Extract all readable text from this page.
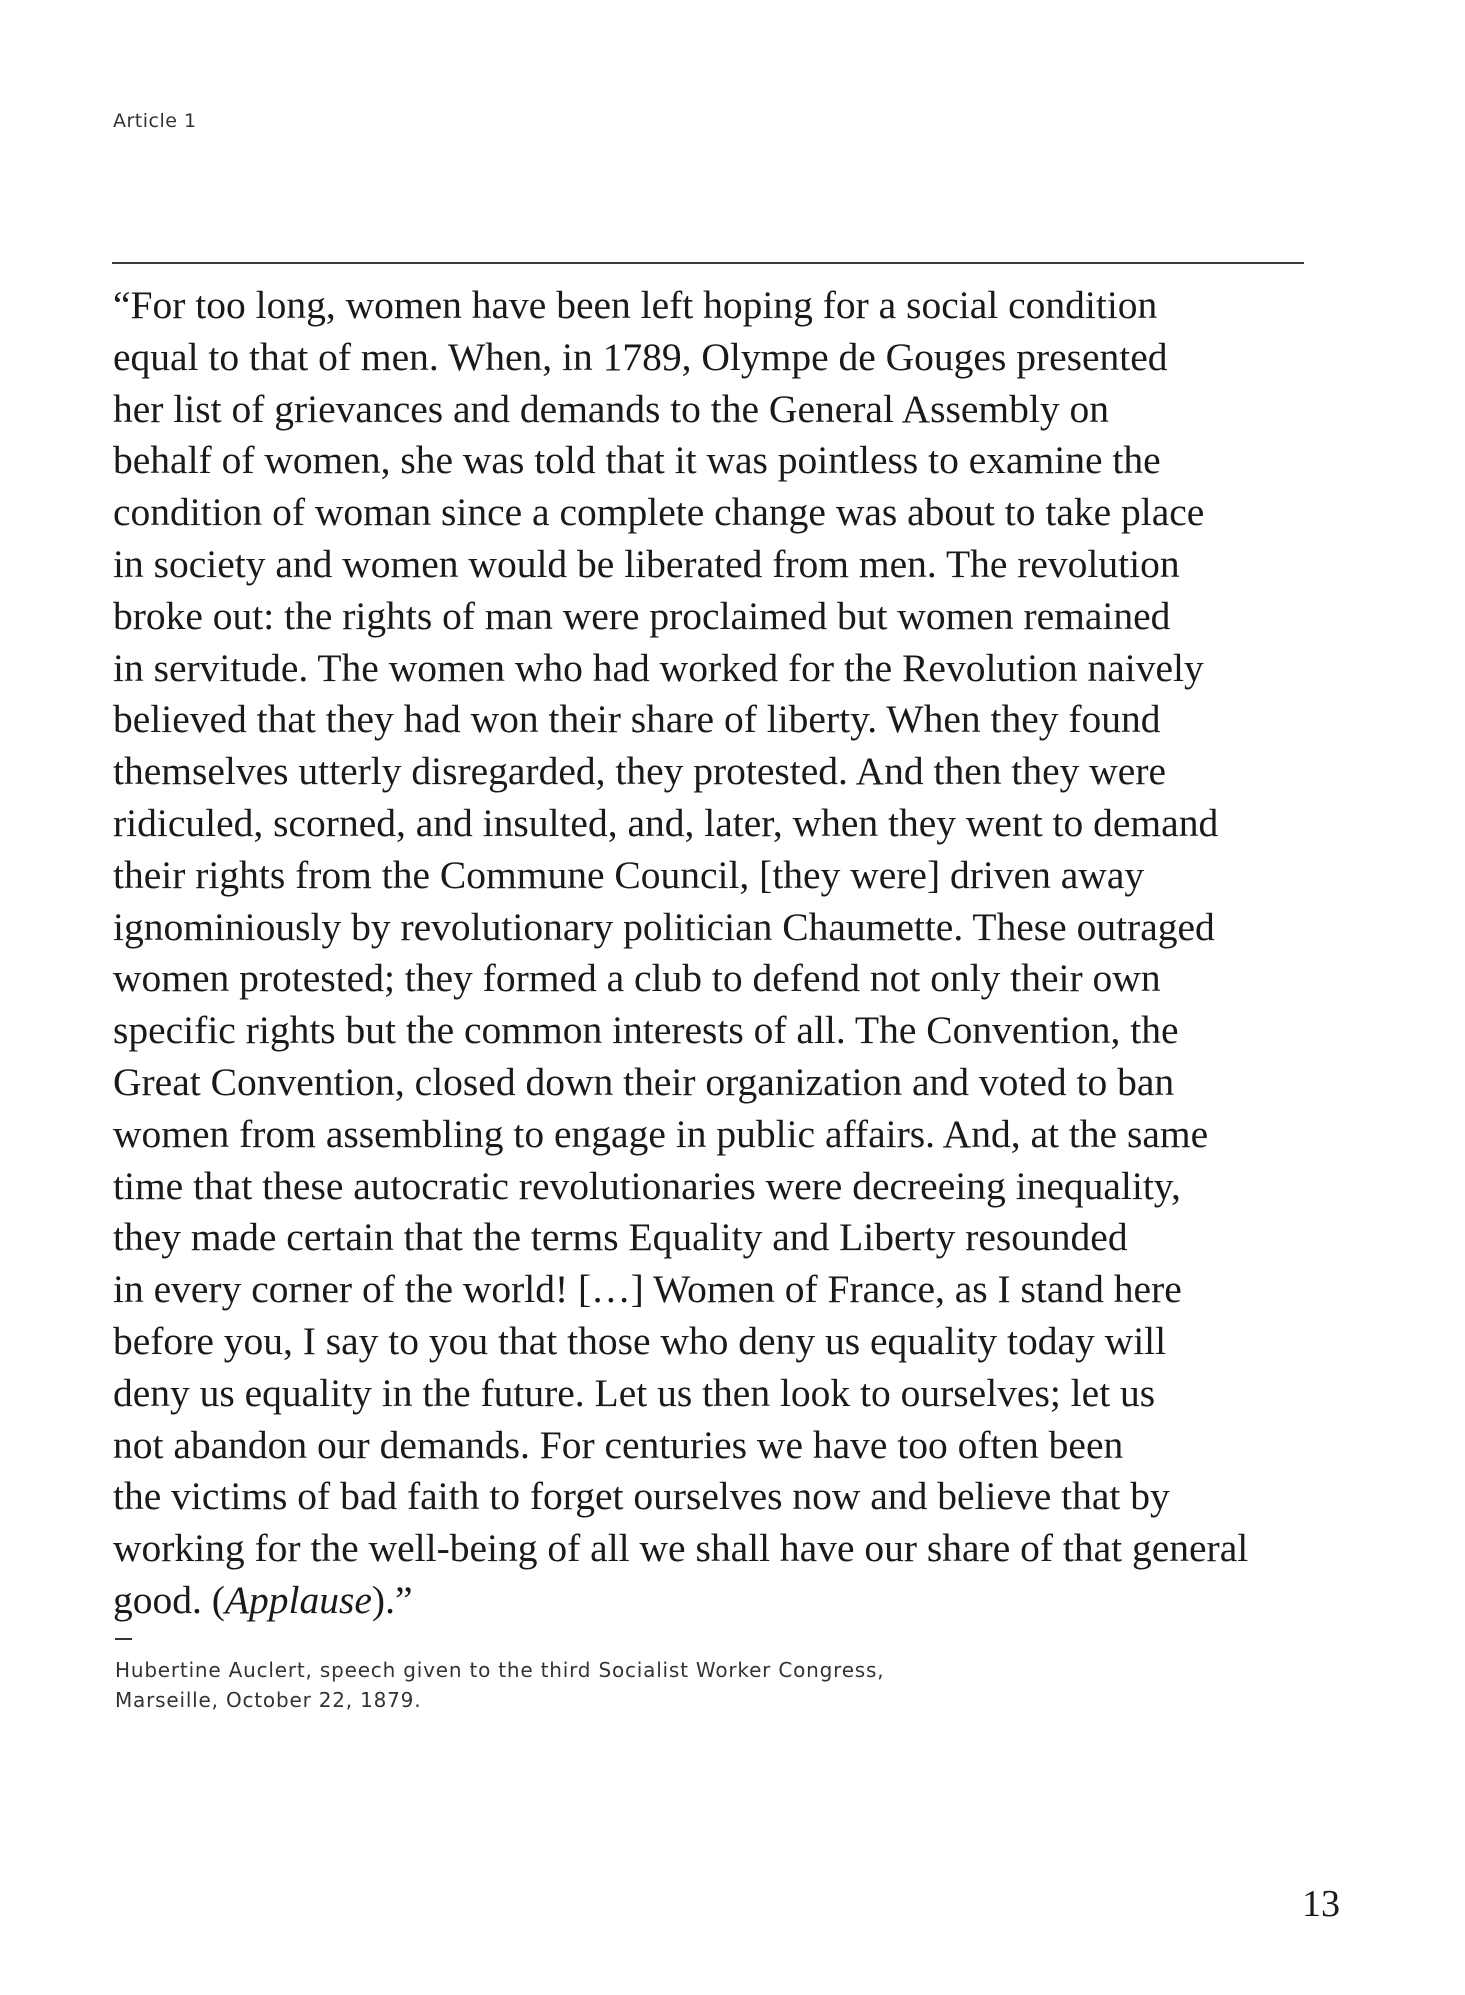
Article 1

“For too long, women have been left hoping for a social condition
equal to that of men. When, in 1789, Olympe de Gouges presented
her list of grievances and demands to the General Assembly on
behalf of women, she was told that it was pointless to examine the
condition of woman since a complete change was about to take place
in society and women would be liberated from men. The revolution
broke out: the rights of man were proclaimed but women remained
in servitude. The women who had worked for the Revolution naively
believed that they had won their share of liberty. When they found
themselves utterly disregarded, they protested. And then they were
ridiculed, scorned, and insulted, and, later, when they went to demand
their rights from the Commune Council, [they were] driven away
ignominiously by revolutionary politician Chaumette. These outraged
women protested; they formed a club to defend not only their own
specific rights but the common interests of all. The Convention, the
Great Convention, closed down their organization and voted to ban
women from assembling to engage in public affairs. And, at the same
time that these autocratic revolutionaries were decreeing inequality,
they made certain that the terms Equality and Liberty resounded
in every corner of the world! […] Women of France, as I stand here
before you, I say to you that those who deny us equality today will
deny us equality in the future. Let us then look to ourselves; let us
not abandon our demands. For centuries we have too often been
the victims of bad faith to forget ourselves now and believe that by
working for the well-being of all we shall have our share of that general
good. (Applause).”

Hubertine Auclert, speech given to the third Socialist Worker Congress,
Marseille, October 22, 1879.
13
